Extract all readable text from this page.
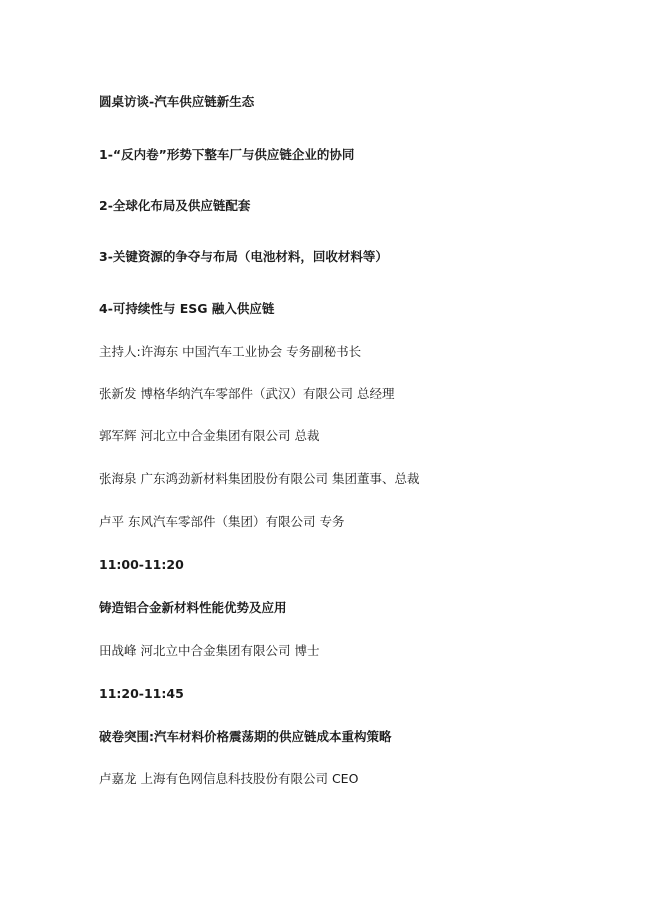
圆桌访谈-汽车供应链新生态
1-“反内卷”形势下整车厂与供应链企业的协同
2-全球化布局及供应链配套
3-关键资源的争夺与布局（电池材料，回收材料等）
4-可持续性与 ESG 融入供应链
主持人:许海东 中国汽车工业协会 专务副秘书长
张新发 博格华纳汽车零部件（武汉）有限公司 总经理
郭军辉 河北立中合金集团有限公司 总裁
张海泉 广东鸿劲新材料集团股份有限公司 集团董事、总裁
卢平 东风汽车零部件（集团）有限公司 专务
11:00-11:20
铸造铝合金新材料性能优势及应用
田战峰 河北立中合金集团有限公司 博士
11:20-11:45
破卷突围:汽车材料价格震荡期的供应链成本重构策略
卢嘉龙 上海有色网信息科技股份有限公司 CEO
